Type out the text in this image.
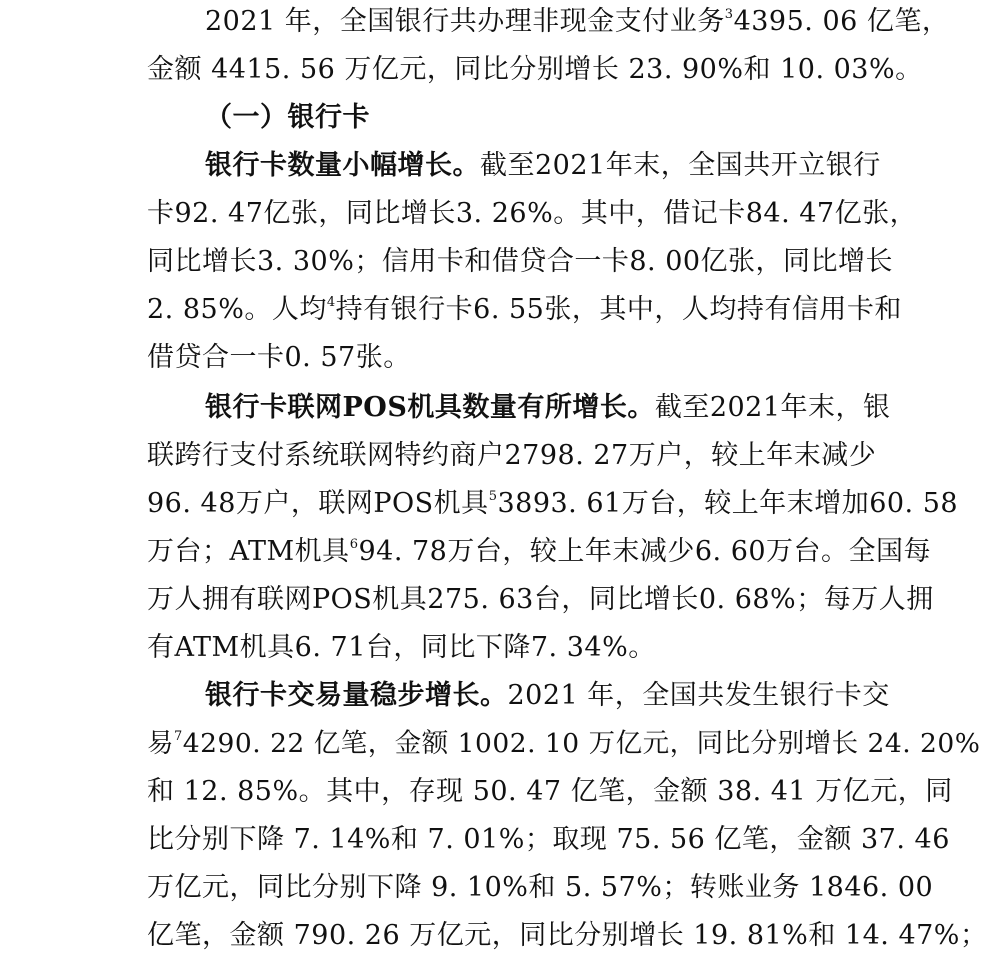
2021 年，全国银行共办理非现金支付业务$^3$4395. 06 亿笔，
金额 4415. 56 万亿元，同比分别增长 23. 90%和 10. 03%。
（一）银行卡
银行卡数量小幅增长。截至2021年末，全国共开立银行
卡92. 47亿张，同比增长3. 26%。其中，借记卡84. 47亿张，
同比增长3. 30%；信用卡和借贷合一卡8. 00亿张，同比增长
2. 85%。人均$^4$持有银行卡6. 55张，其中，人均持有信用卡和
借贷合一卡0. 57张。
银行卡联网POS机具数量有所增长。截至2021年末，银
联跨行支付系统联网特约商户2798. 27万户，较上年末减少
96. 48万户，联网POS机具$^5$3893. 61万台，较上年末增加60. 58
万台；ATM机具$^6$94. 78万台，较上年末减少6. 60万台。全国每
万人拥有联网POS机具275. 63台，同比增长0. 68%；每万人拥
有ATM机具6. 71台，同比下降7. 34%。
银行卡交易量稳步增长。2021 年，全国共发生银行卡交
易$^7$4290. 22 亿笔，金额 1002. 10 万亿元，同比分别增长 24. 20%
和 12. 85%。其中，存现 50. 47 亿笔，金额 38. 41 万亿元，同
比分别下降 7. 14%和 7. 01%；取现 75. 56 亿笔，金额 37. 46
万亿元，同比分别下降 9. 10%和 5. 57%；转账业务 1846. 00
亿笔，金额 790. 26 万亿元，同比分别增长 19. 81%和 14. 47%；
